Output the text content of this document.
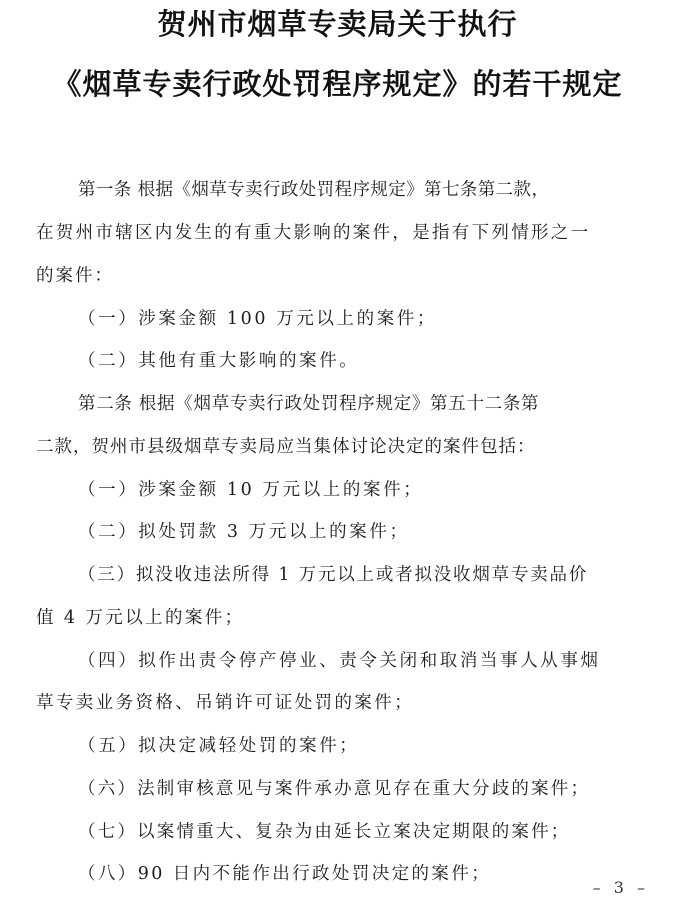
贺州市烟草专卖局关于执行
《烟草专卖行政处罚程序规定》的若干规定
第一条 根据《烟草专卖行政处罚程序规定》第七条第二款，
在贺州市辖区内发生的有重大影响的案件，是指有下列情形之一
的案件：
（一）涉案金额 100 万元以上的案件；
（二）其他有重大影响的案件。
第二条 根据《烟草专卖行政处罚程序规定》第五十二条第
二款，贺州市县级烟草专卖局应当集体讨论决定的案件包括：
（一）涉案金额 10 万元以上的案件；
（二）拟处罚款 3 万元以上的案件；
（三）拟没收违法所得 1 万元以上或者拟没收烟草专卖品价
值 4 万元以上的案件；
（四）拟作出责令停产停业、责令关闭和取消当事人从事烟
草专卖业务资格、吊销许可证处罚的案件；
（五）拟决定减轻处罚的案件；
（六）法制审核意见与案件承办意见存在重大分歧的案件；
（七）以案情重大、复杂为由延长立案决定期限的案件；
（八）90 日内不能作出行政处罚决定的案件；
– 3 –
